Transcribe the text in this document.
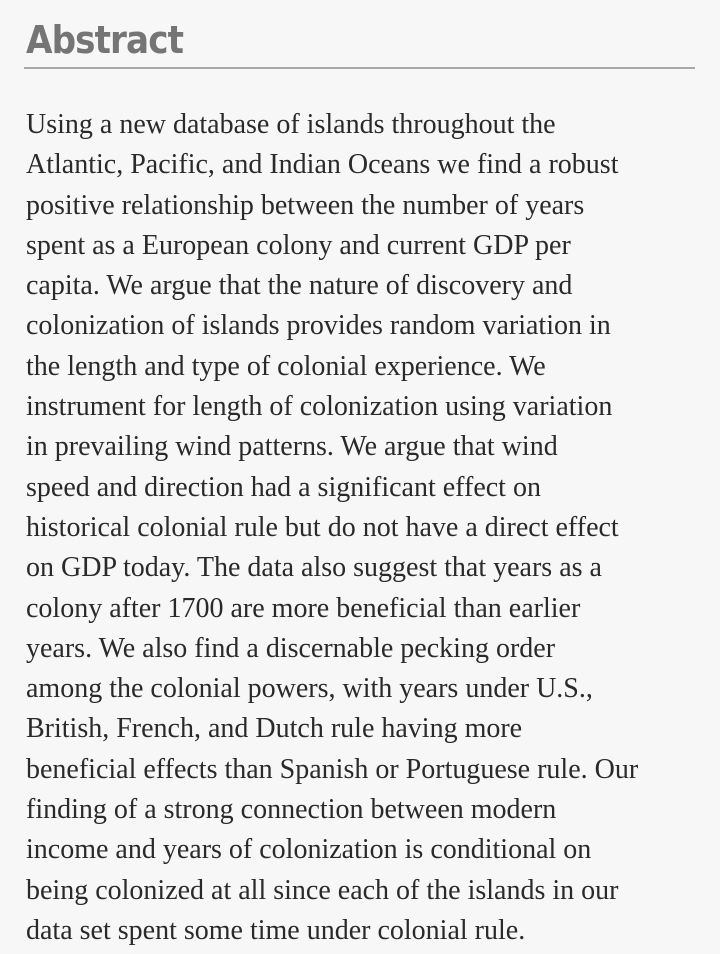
Abstract

Using a new database of islands throughout the
Atlantic, Pacific, and Indian Oceans we find a robust
positive relationship between the number of years
spent as a European colony and current GDP per
capita. We argue that the nature of discovery and
colonization of islands provides random variation in
the length and type of colonial experience. We
instrument for length of colonization using variation
in prevailing wind patterns. We argue that wind
speed and direction had a significant effect on
historical colonial rule but do not have a direct effect
on GDP today. The data also suggest that years as a
colony after 1700 are more beneficial than earlier
years. We also find a discernable pecking order
among the colonial powers, with years under U.S.,
British, French, and Dutch rule having more
beneficial effects than Spanish or Portuguese rule. Our
finding of a strong connection between modern
income and years of colonization is conditional on
being colonized at all since each of the islands in our
data set spent some time under colonial rule.
